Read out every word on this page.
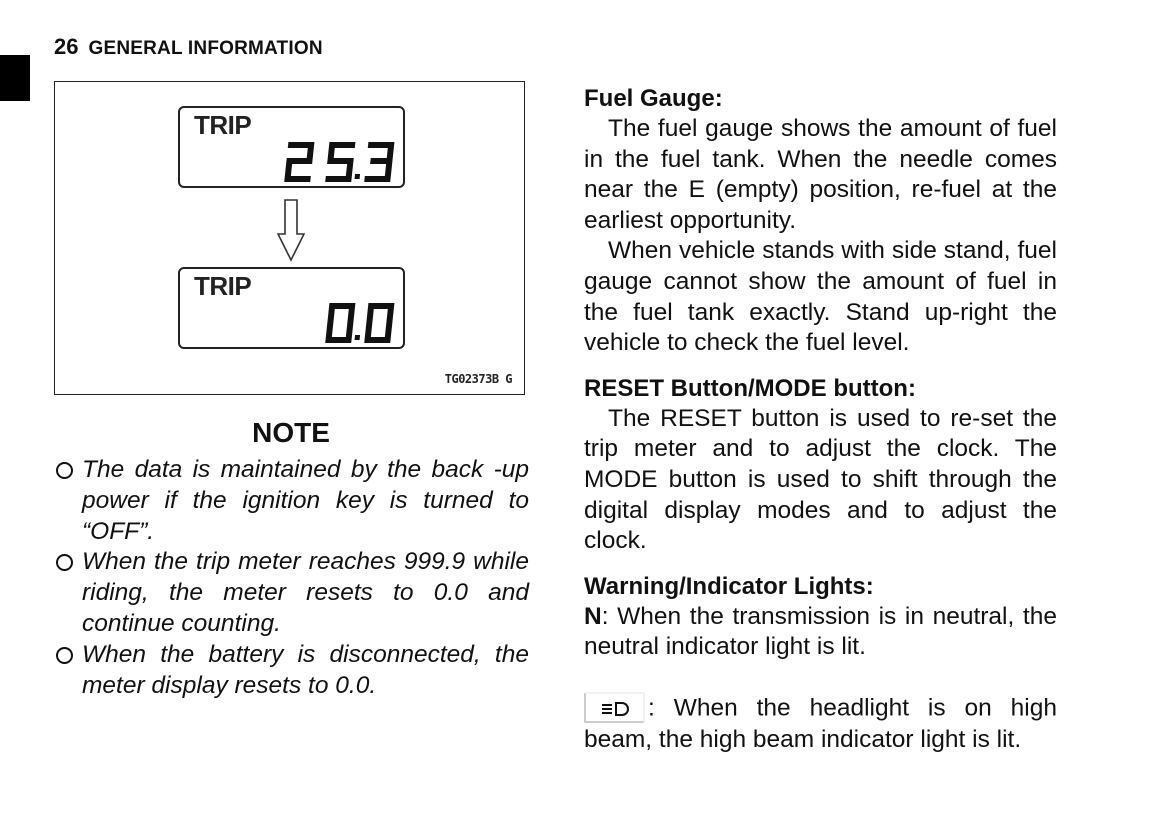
26 GENERAL INFORMATION
TRIP
TRIP
TG02373B G
NOTE
The data is maintained by the back -up power if the ignition key is turned to “OFF”.
When the trip meter reaches 999.9 while riding, the meter resets to 0.0 and continue counting.
When the battery is disconnected, the meter display resets to 0.0.
Fuel Gauge:

The fuel gauge shows the amount of fuel in the fuel tank. When the needle comes near the E (empty) position, re-fuel at the earliest opportunity.

When vehicle stands with side stand, fuel gauge cannot show the amount of fuel in the fuel tank exactly. Stand up-right the vehicle to check the fuel level.

RESET Button/MODE button:

The RESET button is used to re-set the trip meter and to adjust the clock. The MODE button is used to shift through the digital display modes and to adjust the clock.

Warning/Indicator Lights:

N: When the transmission is in neutral, the neutral indicator light is lit.

: When the headlight is on high beam, the high beam indicator light is lit.
